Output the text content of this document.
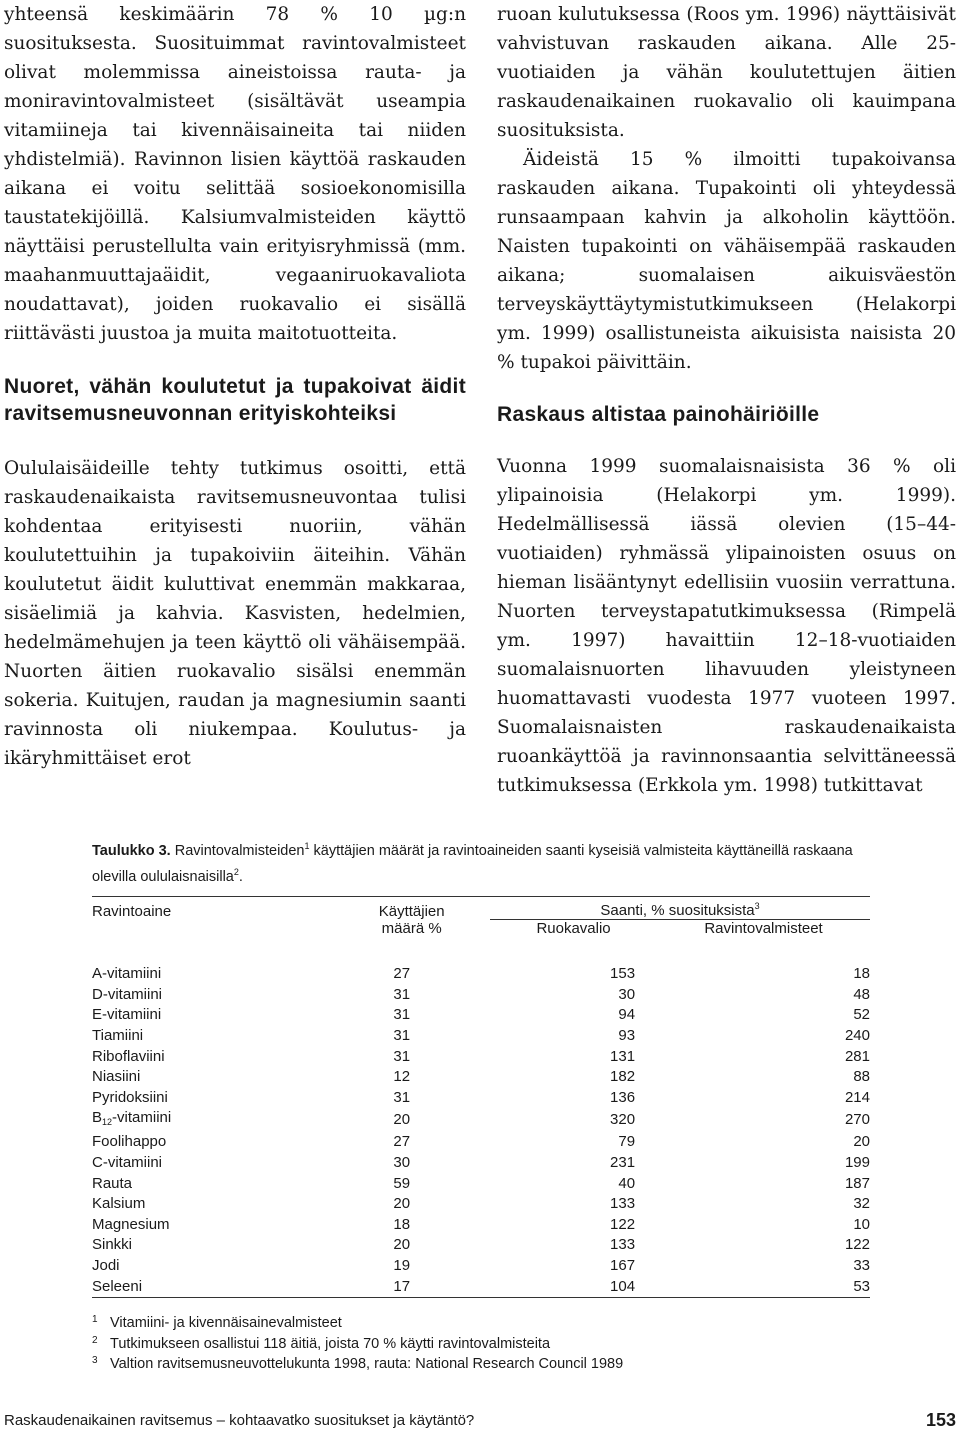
yhteensä keskimäärin 78 % 10 µg:n suosituksesta. Suosituimmat ravintovalmisteet olivat molemmissa aineistoissa rauta- ja moniravintovalmisteet (sisältävät useampia vitamiineja tai kivennäisaineita tai niiden yhdistelmiä). Ravinnon lisien käyttöä raskauden aikana ei voitu selittää sosioekonomisilla taustatekijöillä. Kalsiumvalmisteiden käyttö näyttäisi perustellulta vain erityisryhmissä (mm. maahanmuuttajaäidit, vegaaniruokavaliota noudattavat), joiden ruokavalio ei sisällä riittävästi juustoa ja muita maitotuotteita.

Nuoret, vähän koulutetut ja tupakoivat äidit ravitsemusneuvonnan erityiskohteiksi

Oululaisäideille tehty tutkimus osoitti, että raskaudenaikaista ravitsemusneuvontaa tulisi kohdentaa erityisesti nuoriin, vähän koulutettuihin ja tupakoiviin äiteihin. Vähän koulutetut äidit kuluttivat enemmän makkaraa, sisäelimiä ja kahvia. Kasvisten, hedelmien, hedelmämehujen ja teen käyttö oli vähäisempää. Nuorten äitien ruokavalio sisälsi enemmän sokeria. Kuitujen, raudan ja magnesiumin saanti ravinnosta oli niukempaa. Koulutus- ja ikäryhmittäiset erot

ruoan kulutuksessa (Roos ym. 1996) näyttäisivät vahvistuvan raskauden aikana. Alle 25-vuotiaiden ja vähän koulutettujen äitien raskaudenaikainen ruokavalio oli kauimpana suosituksista.

Äideistä 15 % ilmoitti tupakoivansa raskauden aikana. Tupakointi oli yhteydessä runsaampaan kahvin ja alkoholin käyttöön. Naisten tupakointi on vähäisempää raskauden aikana; suomalaisen aikuisväestön terveyskäyttäytymistutkimukseen (Helakorpi ym. 1999) osallistuneista aikuisista naisista 20 % tupakoi päivittäin.

Raskaus altistaa painohäiriöille

Vuonna 1999 suomalaisnaisista 36 % oli ylipainoisia (Helakorpi ym. 1999). Hedelmällisessä iässä olevien (15–44-vuotiaiden) ryhmässä ylipainoisten osuus on hieman lisääntynyt edellisiin vuosiin verrattuna. Nuorten terveystapatutkimuksessa (Rimpelä ym. 1997) havaittiin 12–18-vuotiaiden suomalaisnuorten lihavuuden yleistyneen huomattavasti vuodesta 1977 vuoteen 1997. Suomalaisnaisten raskaudenaikaista ruoankäyttöä ja ravinnonsaantia selvittäneessä tutkimuksessa (Erkkola ym. 1998) tutkittavat

Taulukko 3. Ravintovalmisteiden$^1$ käyttäjien määrät ja ravintoaineiden saanti kyseisiä valmisteita käyttäneillä raskaana olevilla oululaisnaisilla$^2$.
Ravintoaine	Käyttäjien	Saanti, % suosituksista$^3$
	määrä %	Ruokavalio	Ravintovalmisteet
A-vitamiini	27	153	18
D-vitamiini	31	30	48
E-vitamiini	31	94	52
Tiamiini	31	93	240
Riboflaviini	31	131	281
Niasiini	12	182	88
Pyridoksiini	31	136	214
$B_{12}$-vitamiini	20	320	270
Foolihappo	27	79	20
C-vitamiini	30	231	199
Rauta	59	40	187
Kalsium	20	133	32
Magnesium	18	122	10
Sinkki	20	133	122
Jodi	19	167	33
Seleeni	17	104	53
1 Vitamiini- ja kivennäisainevalmisteet
2 Tutkimukseen osallistui 118 äitiä, joista 70 % käytti ravintovalmisteita
3 Valtion ravitsemusneuvottelukunta 1998, rauta: National Research Council 1989
Raskaudenaikainen ravitsemus – kohtaavatko suositukset ja käytäntö?	153
